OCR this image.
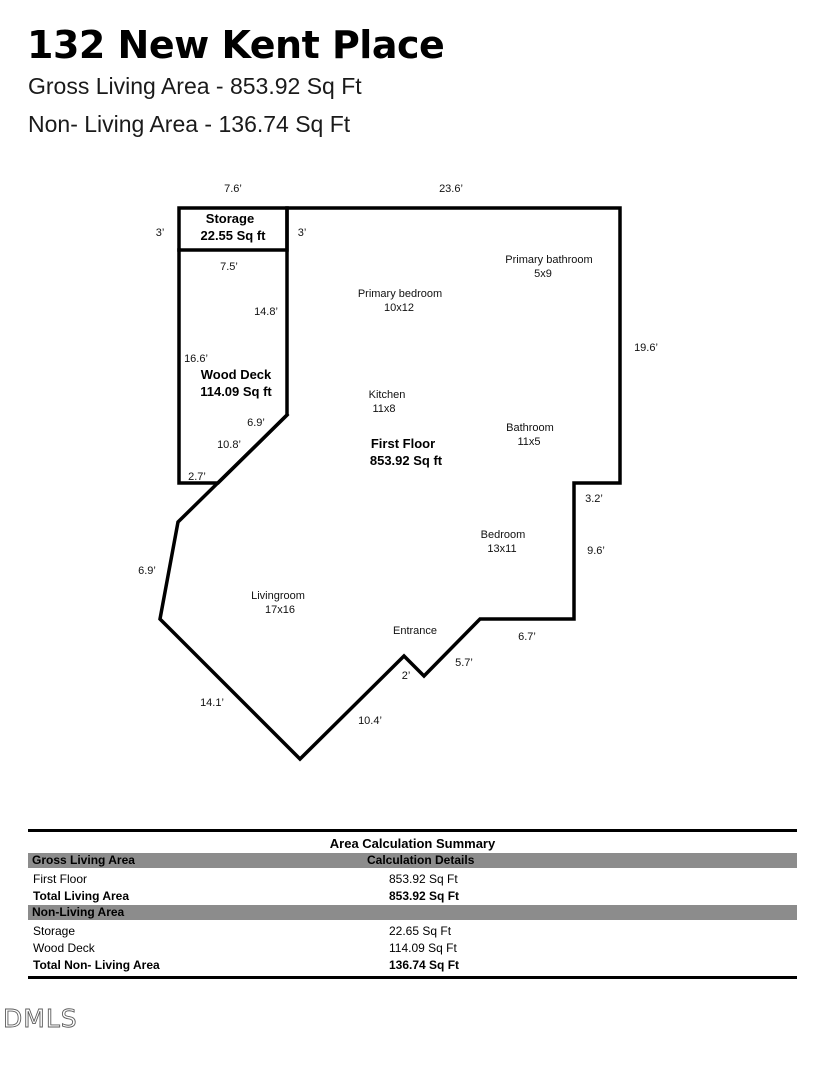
132 New Kent Place

Gross Living Area - 853.92 Sq Ft

Non- Living Area - 136.74 Sq Ft

Storage
22.55 Sq ft
Wood Deck
114.09 Sq ft
First Floor
853.92 Sq ft
Primary bathroom
5x9
Primary bedroom
10x12
Kitchen
11x8
Bathroom
11x5
Bedroom
13x11
Livingroom
17x16
Entrance
7.6’	23.6’
3’	3’
7.5’
14.8’
16.6’
19.6’
6.9’
10.8’
2.7’
3.2’
6.9’
9.6’
6.7’
5.7’
2’
14.1’
10.4’
Area Calculation Summary
Gross Living Area	Calculation Details
First Floor	853.92 Sq Ft
Total Living Area	853.92 Sq Ft
Non-Living Area
Storage	22.65 Sq Ft
Wood Deck	114.09 Sq Ft
Total Non- Living Area	136.74 Sq Ft

DMLS
